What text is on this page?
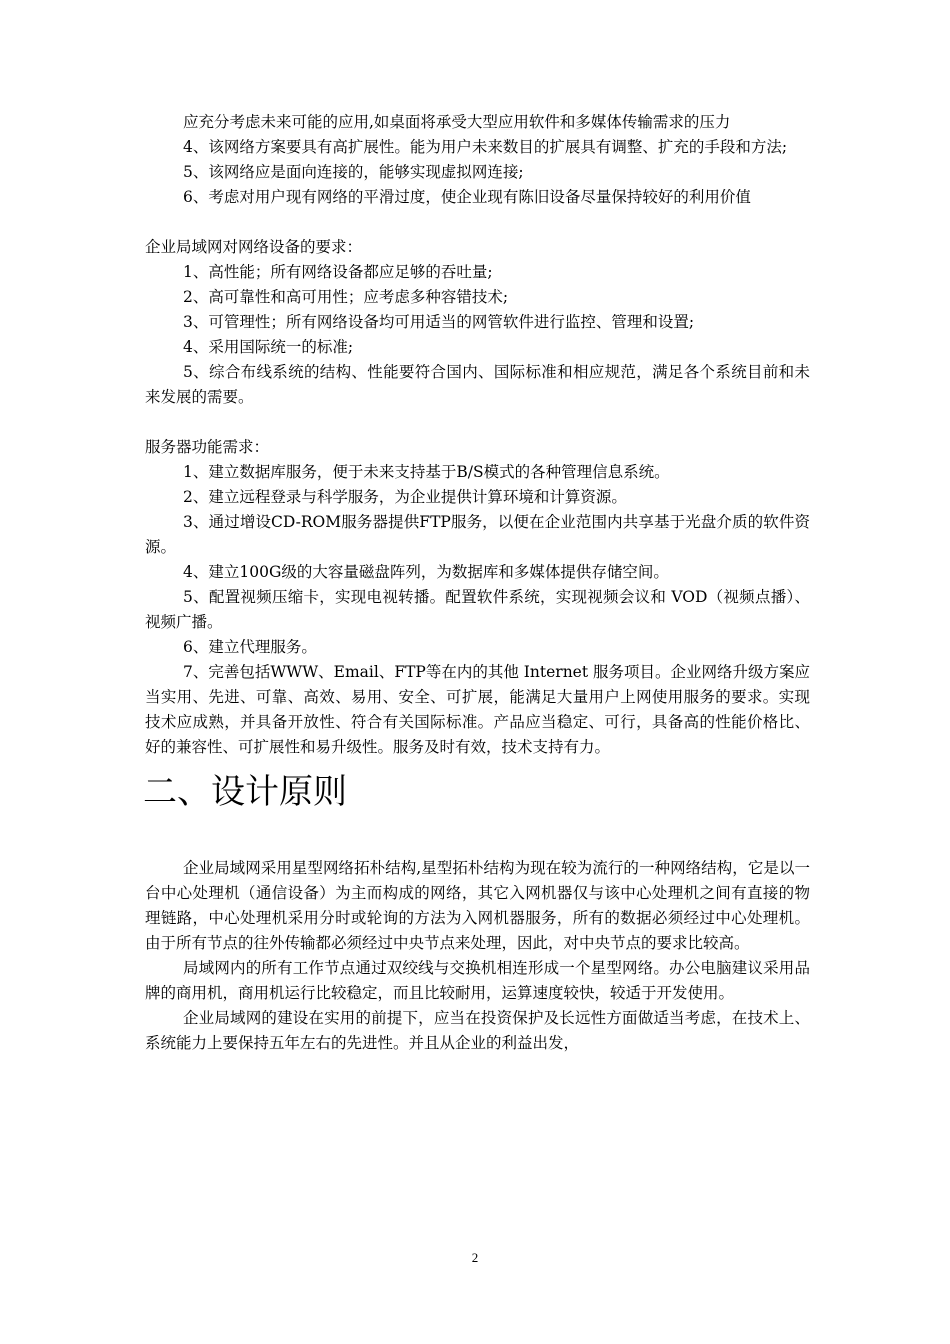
应充分考虑未来可能的应用,如桌面将承受大型应用软件和多媒体传输需求的压力

4、该网络方案要具有高扩展性。能为用户未来数目的扩展具有调整、扩充的手段和方法;

5、该网络应是面向连接的，能够实现虚拟网连接;

6、考虑对用户现有网络的平滑过度，使企业现有陈旧设备尽量保持较好的利用价值

企业局域网对网络设备的要求：

1、高性能；所有网络设备都应足够的吞吐量;

2、高可靠性和高可用性；应考虑多种容错技术;

3、可管理性；所有网络设备均可用适当的网管软件进行监控、管理和设置;

4、采用国际统一的标准;

5、综合布线系统的结构、性能要符合国内、国际标准和相应规范，满足各个系统目前和未来发展的需要。

服务器功能需求：

1、建立数据库服务，便于未来支持基于B/S模式的各种管理信息系统。

2、建立远程登录与科学服务，为企业提供计算环境和计算资源。

3、通过增设CD-ROM服务器提供FTP服务，以便在企业范围内共享基于光盘介质的软件资源。

4、建立100G级的大容量磁盘阵列，为数据库和多媒体提供存储空间。

5、配置视频压缩卡，实现电视转播。配置软件系统，实现视频会议和 VOD（视频点播）、视频广播。

6、建立代理服务。

7、完善包括WWW、Email、FTP等在内的其他 Internet 服务项目。企业网络升级方案应当实用、先进、可靠、高效、易用、安全、可扩展，能满足大量用户上网使用服务的要求。实现技术应成熟，并具备开放性、符合有关国际标准。产品应当稳定、可行，具备高的性能价格比、好的兼容性、可扩展性和易升级性。服务及时有效，技术支持有力。

二、设计原则

企业局域网采用星型网络拓朴结构,星型拓朴结构为现在较为流行的一种网络结构，它是以一台中心处理机（通信设备）为主而构成的网络，其它入网机器仅与该中心处理机之间有直接的物理链路，中心处理机采用分时或轮询的方法为入网机器服务，所有的数据必须经过中心处理机。由于所有节点的往外传输都必须经过中央节点来处理，因此，对中央节点的要求比较高。

局域网内的所有工作节点通过双绞线与交换机相连形成一个星型网络。办公电脑建议采用品牌的商用机，商用机运行比较稳定，而且比较耐用，运算速度较快，较适于开发使用。

企业局域网的建设在实用的前提下，应当在投资保护及长远性方面做适当考虑，在技术上、系统能力上要保持五年左右的先进性。并且从企业的利益出发，

2
